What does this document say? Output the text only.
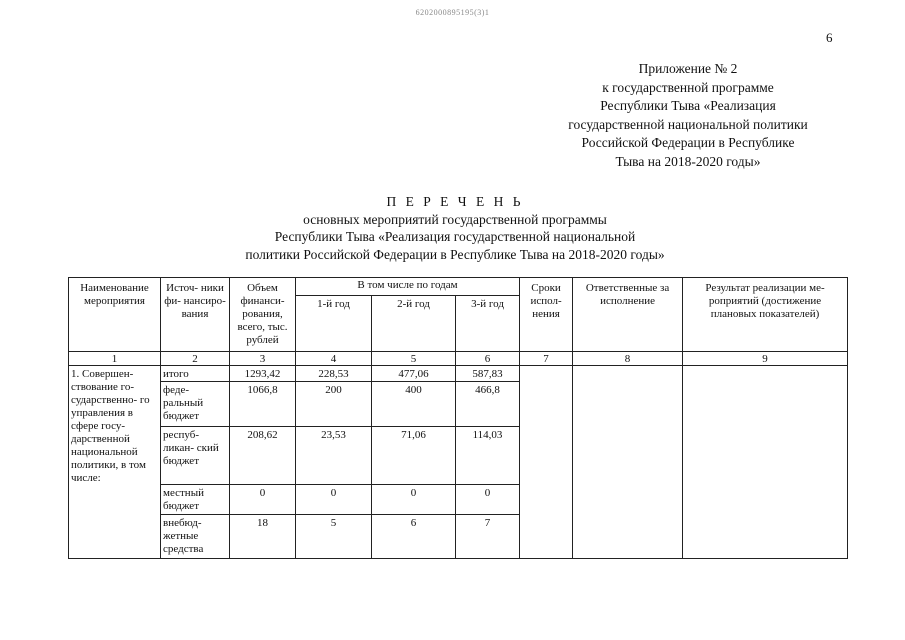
6202000895195(3)1
6
Приложение № 2
к государственной программе
Республики Тыва «Реализация
государственной национальной политики
Российской Федерации в Республике
Тыва на 2018-2020 годы»
П Е Р Е Ч Е Н Ь
основных мероприятий государственной программы
Республики Тыва «Реализация государственной национальной
политики Российской Федерации в Республике Тыва на 2018-2020 годы»
Наименование мероприятия	Источ- ники фи- нансиро- вания	Объем финанси- рования, всего, тыс. рублей	В том числе по годам			Сроки испол- нения	Ответственные за исполнение	Результат реализации ме- роприятий (достижение плановых показателей)
			1-й год	2-й год	3-й год			
1	2	3	4	5	6	7	8	9
1. Совершен- ствование го- сударственно- го управления в сфере госу- дарственной национальной политики, в том числе:	итого	1293,42	228,53	477,06	587,83			
	феде- ральный бюджет	1066,8	200	400	466,8			
	респуб- ликан- ский бюджет	208,62	23,53	71,06	114,03			
	местный бюджет	0	0	0	0			
	внебюд- жетные средства	18	5	6	7			
